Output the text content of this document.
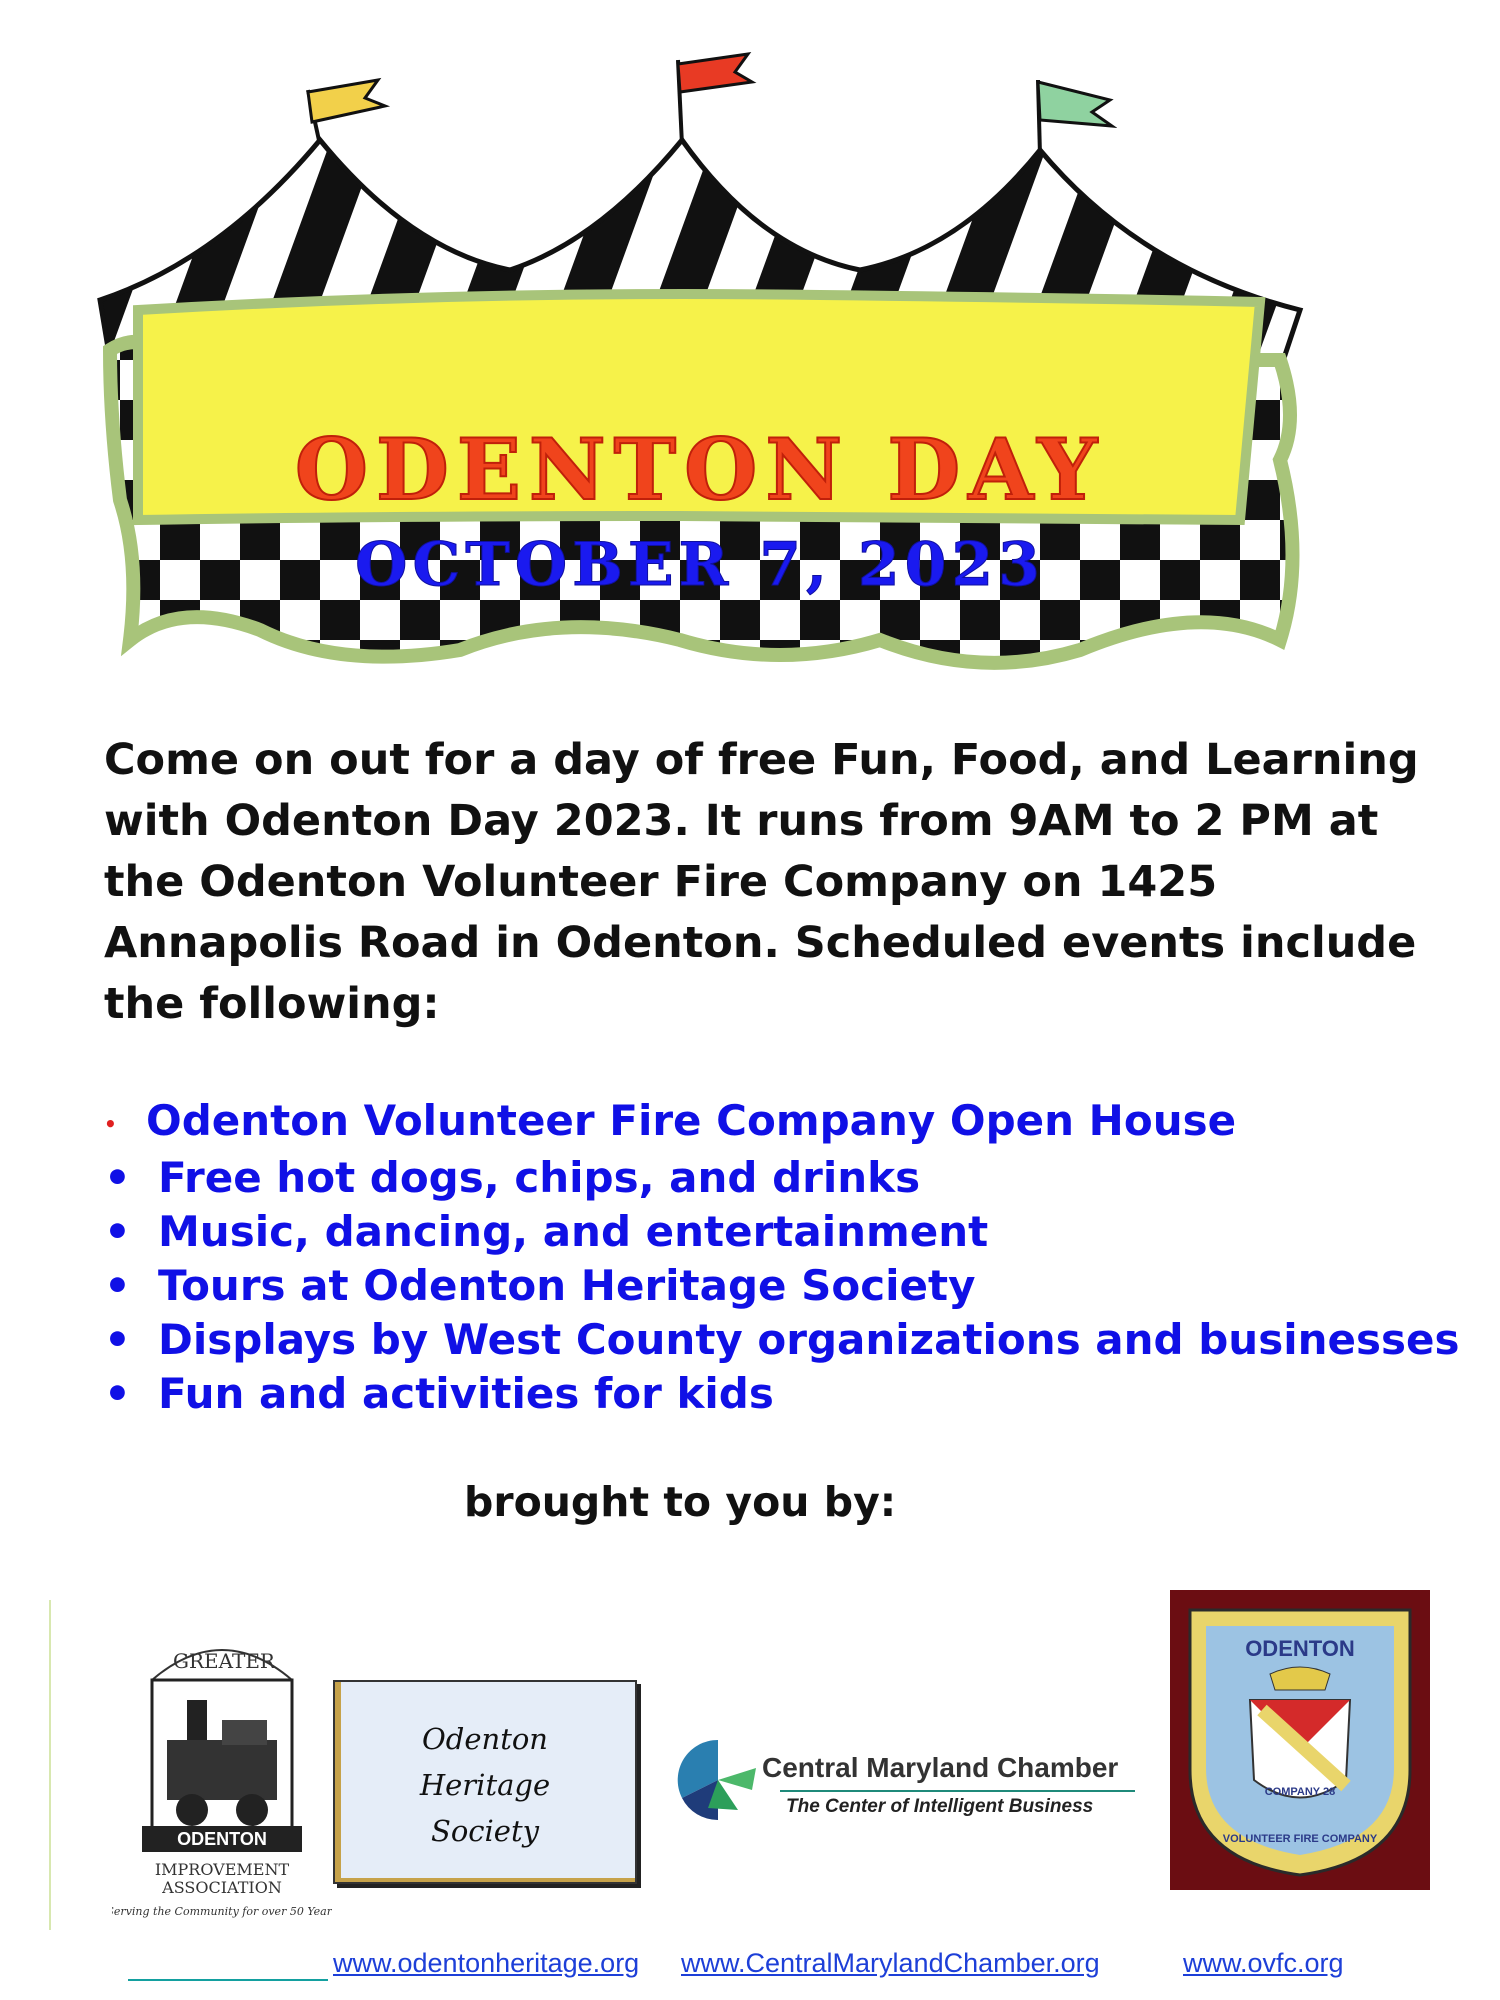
ODENTON DAY
OCTOBER 7, 2023
Come on out for a day of free Fun, Food, and Learning with Odenton Day 2023. It runs from 9AM to 2 PM at the Odenton Volunteer Fire Company on 1425 Annapolis Road in Odenton. Scheduled events include the following:
• Odenton Volunteer Fire Company Open House
• Free hot dogs, chips, and drinks
• Music, dancing, and entertainment
• Tours at Odenton Heritage Society
• Displays by West County organizations and businesses
• Fun and activities for kids
brought to you by:
ODENTON
GREATER
IMPROVEMENT
ASSOCIATION
"Serving the Community for over 50 Years"
Odenton
Heritage
Society
Central Maryland Chamber
The Center of Intelligent Business
ODENTON
VOLUNTEER FIRE COMPANY
COMPANY 28
www.odentonheritage.org www.CentralMarylandChamber.org	www.ovfc.org
